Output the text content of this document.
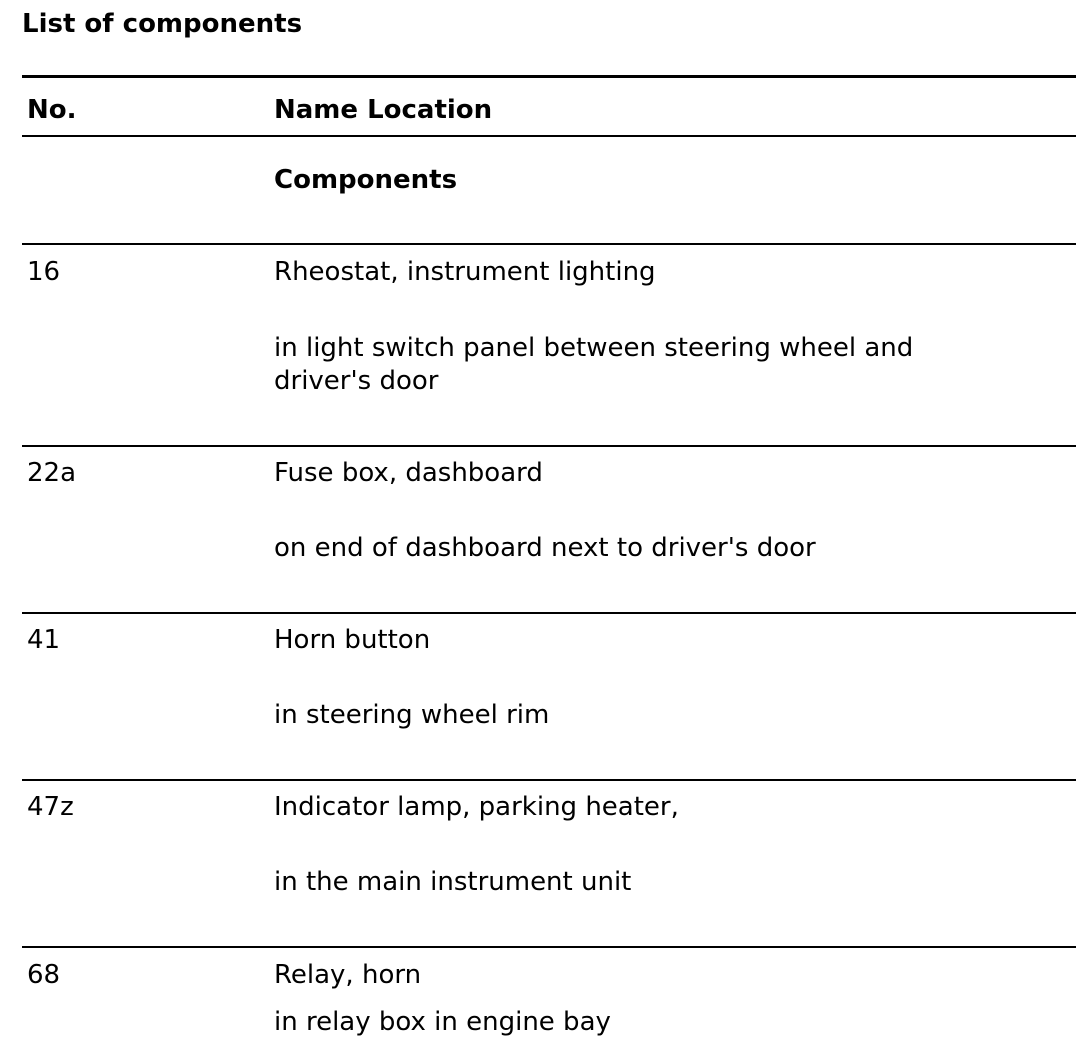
List of components
No.	Name Location
Components
16	Rheostat, instrument lighting
in light switch panel between steering wheel and driver's door
22a	Fuse box, dashboard
on end of dashboard next to driver's door
41	Horn button
in steering wheel rim
47z	Indicator lamp, parking heater,
in the main instrument unit
68	Relay, horn
in relay box in engine bay
